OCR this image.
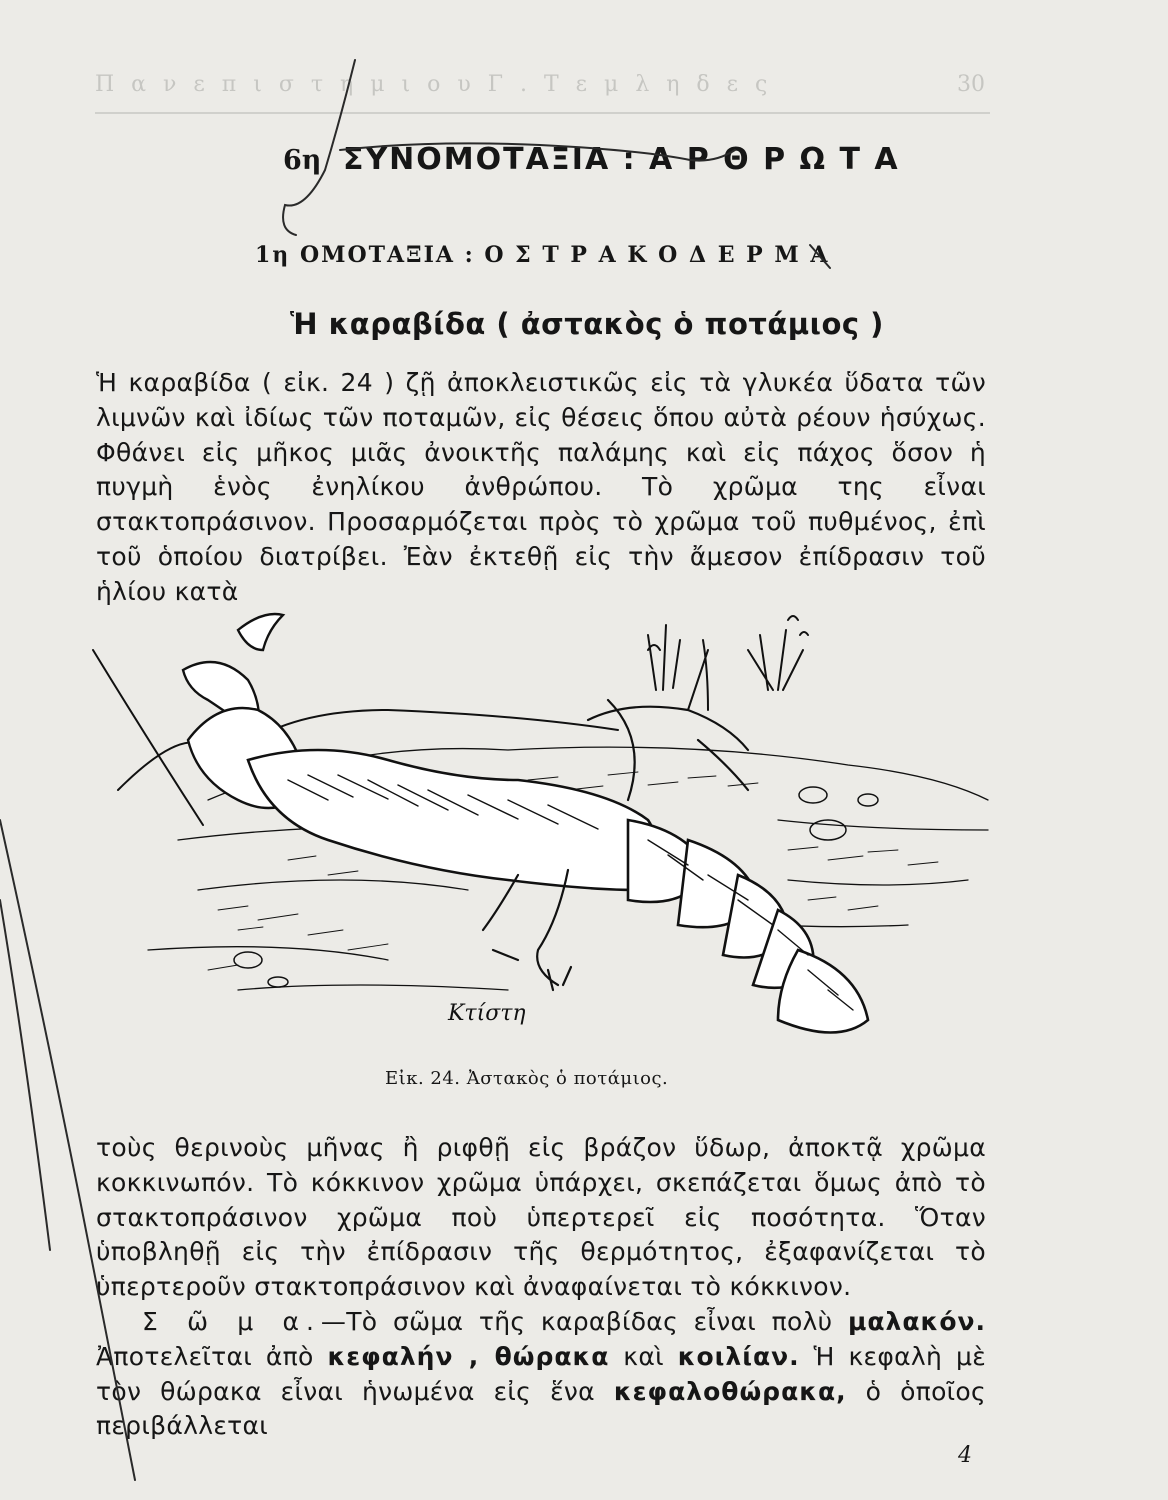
Π α ν ε π ι σ τ η μ ι ο υ Γ . Τ ε μ λ η δ ε ς	30
6η ΣΥΝΟΜΟΤΑΞΙΑ : Α Ρ Θ Ρ Ω Τ Α
1η ΟΜΟΤΑΞΙΑ : Ο Σ Τ Ρ Α Κ Ο Δ Ε Ρ Μ Α
Ἡ καραβίδα ( ἀστακὸς ὁ ποτάμιος )

Ἡ καραβίδα ( εἰκ. 24 ) ζῇ ἀποκλειστικῶς εἰς τὰ γλυκέα ὕδατα τῶν λιμνῶν καὶ ἰδίως τῶν ποταμῶν, εἰς θέσεις ὅπου αὐτὰ ρέουν ἡσύχως. Φθάνει εἰς μῆκος μιᾶς ἀνοικτῆς παλάμης καὶ εἰς πάχος ὅσον ἡ πυγμὴ ἑνὸς ἐνηλίκου ἀνθρώπου. Τὸ χρῶμα της εἶναι στακτοπράσινον. Προσαρμόζεται πρὸς τὸ χρῶμα τοῦ πυθμένος, ἐπὶ τοῦ ὁποίου διατρίβει. Ἐὰν ἐκτεθῇ εἰς τὴν ἄμεσον ἐπίδρασιν τοῦ ἡλίου κατὰ

Κτίστη
Εἰκ. 24. Ἀστακὸς ὁ ποτάμιος.

τοὺς θερινοὺς μῆνας ἢ ριφθῇ εἰς βράζον ὕδωρ, ἀποκτᾷ χρῶμα κοκκινωπόν. Τὸ κόκκινον χρῶμα ὑπάρχει, σκεπάζεται ὅμως ἀπὸ τὸ στακτοπράσινον χρῶμα ποὺ ὑπερτερεῖ εἰς ποσότητα. Ὅταν ὑποβληθῇ εἰς τὴν ἐπίδρασιν τῆς θερμότητος, ἐξαφανίζεται τὸ ὑπερτεροῦν στακτοπράσινον καὶ ἀναφαίνεται τὸ κόκκινον.

Σ ῶ μ α.—Τὸ σῶμα τῆς καραβίδας εἶναι πολὺ μαλακόν. Ἀποτελεῖται ἀπὸ κεφαλήν , θώρακα καὶ κοιλίαν. Ἡ κεφαλὴ μὲ τὸν θώρακα εἶναι ἡνωμένα εἰς ἕνα κεφαλοθώρακα, ὁ ὁποῖος περιβάλλεται

4
